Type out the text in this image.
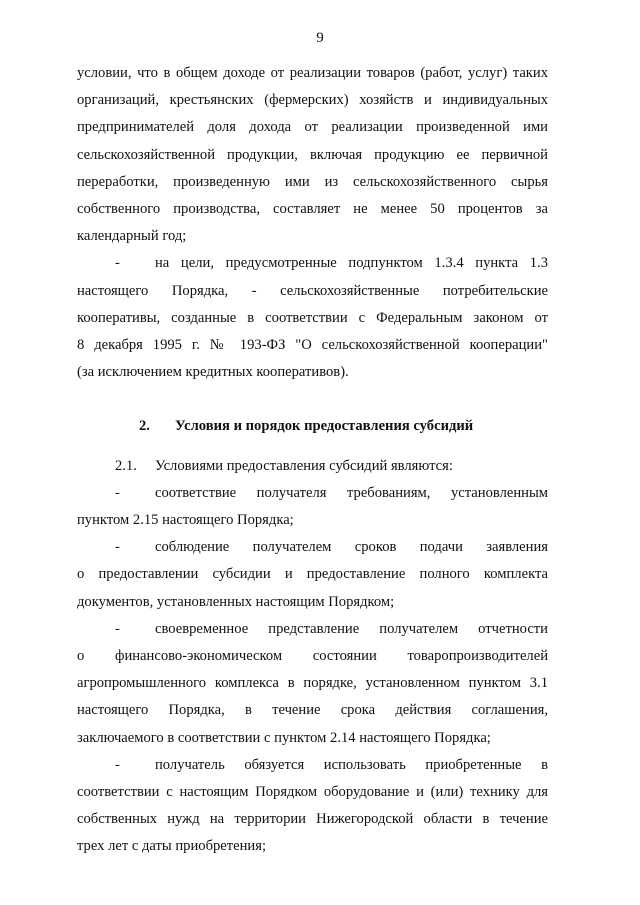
9
условии, что в общем доходе от реализации товаров (работ, услуг) таких
организаций, крестьянских (фермерских) хозяйств и индивидуальных
предпринимателей доля дохода от реализации произведенной ими
сельскохозяйственной продукции, включая продукцию ее первичной
переработки, произведенную ими из сельскохозяйственного сырья
собственного производства, составляет не менее 50 процентов за
календарный год;
- на цели, предусмотренные подпунктом 1.3.4 пункта 1.3
настоящего Порядка, - сельскохозяйственные потребительские
кооперативы, созданные в соответствии с Федеральным законом от
8 декабря 1995 г. № 193-ФЗ "О сельскохозяйственной кооперации"
(за исключением кредитных кооперативов).
2. Условия и порядок предоставления субсидий
2.1. Условиями предоставления субсидий являются:
- соответствие получателя требованиям, установленным
пунктом 2.15 настоящего Порядка;
- соблюдение получателем сроков подачи заявления
о предоставлении субсидии и предоставление полного комплекта
документов, установленных настоящим Порядком;
- своевременное представление получателем отчетности
о финансово-экономическом состоянии товаропроизводителей
агропромышленного комплекса в порядке, установленном пунктом 3.1
настоящего Порядка, в течение срока действия соглашения,
заключаемого в соответствии с пунктом 2.14 настоящего Порядка;
- получатель обязуется использовать приобретенные в
соответствии с настоящим Порядком оборудование и (или) технику для
собственных нужд на территории Нижегородской области в течение
трех лет с даты приобретения;
